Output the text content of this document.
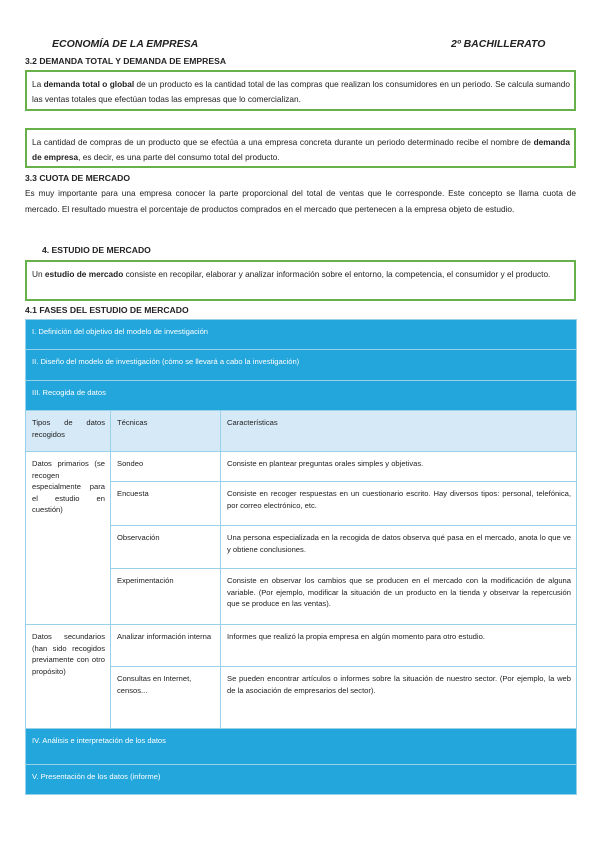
ECONOMÍA DE LA EMPRESA	2º BACHILLERATO
3.2 DEMANDA TOTAL Y DEMANDA DE EMPRESA
La demanda total o global de un producto es la cantidad total de las compras que realizan los consumidores en un periodo. Se calcula sumando las ventas totales que efectúan todas las empresas que lo comercializan.
La cantidad de compras de un producto que se efectúa a una empresa concreta durante un periodo determinado recibe el nombre de demanda de empresa, es decir, es una parte del consumo total del producto.
3.3 CUOTA DE MERCADO
Es muy importante para una empresa conocer la parte proporcional del total de ventas que le corresponde. Este concepto se llama cuota de mercado. El resultado muestra el porcentaje de productos comprados en el mercado que pertenecen a la empresa objeto de estudio.
4. ESTUDIO DE MERCADO
Un estudio de mercado consiste en recopilar, elaborar y analizar información sobre el entorno, la competencia, el consumidor y el producto.
4.1 FASES DEL ESTUDIO DE MERCADO
I. Definición del objetivo del modelo de investigación		
II. Diseño del modelo de investigación (cómo se llevará a cabo la investigación)		
III. Recogida de datos		
Tipos de datos recogidos	Técnicas	Características
Datos primarios (se recogen especialmente para el estudio en cuestión)	Sondeo	Consiste en plantear preguntas orales simples y objetivas.
	Encuesta	Consiste en recoger respuestas en un cuestionario escrito. Hay diversos tipos: personal, telefónica, por correo electrónico, etc.
	Observación	Una persona especializada en la recogida de datos observa qué pasa en el mercado, anota lo que ve y obtiene conclusiones.
	Experimentación	Consiste en observar los cambios que se producen en el mercado con la modificación de alguna variable. (Por ejemplo, modificar la situación de un producto en la tienda y observar la repercusión que se produce en las ventas).
Datos secundarios (han sido recogidos previamente con otro propósito)	Analizar información interna	Informes que realizó la propia empresa en algún momento para otro estudio.
	Consultas en Internet, censos...	Se pueden encontrar artículos o informes sobre la situación de nuestro sector. (Por ejemplo, la web de la asociación de empresarios del sector).
IV. Análisis e interpretación de los datos		
V. Presentación de los datos (informe)		
